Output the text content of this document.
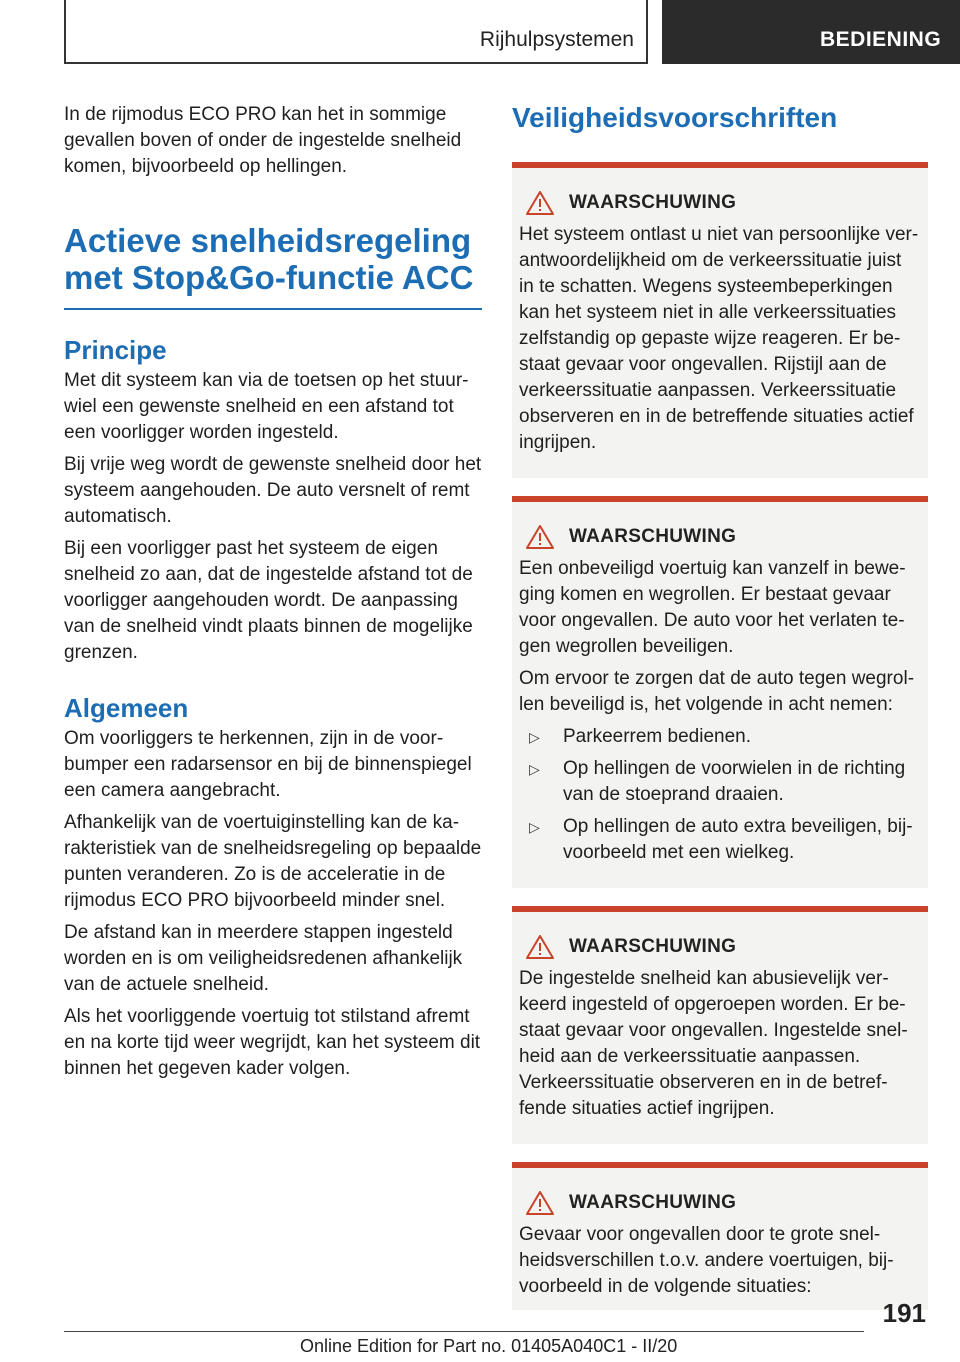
Rijhulpsystemen	BEDIENING

In de rijmodus ECO PRO kan het in sommige gevallen boven of onder de ingestelde snelheid komen, bijvoorbeeld op hellingen.

Actieve snelheidsregeling met Stop&Go-functie ACC
Principe

Met dit systeem kan via de toetsen op het stuurwiel een gewenste snelheid en een afstand tot een voorligger worden ingesteld.

Bij vrije weg wordt de gewenste snelheid door het systeem aangehouden. De auto versnelt of remt automatisch.

Bij een voorligger past het systeem de eigen snelheid zo aan, dat de ingestelde afstand tot de voorligger aangehouden wordt. De aanpassing van de snelheid vindt plaats binnen de mogelijke grenzen.

Algemeen

Om voorliggers te herkennen, zijn in de voorbumper een radarsensor en bij de binnenspiegel een camera aangebracht.

Afhankelijk van de voertuiginstelling kan de karakteristiek van de snelheidsregeling op bepaalde punten veranderen. Zo is de acceleratie in de rijmodus ECO PRO bijvoorbeeld minder snel.

De afstand kan in meerdere stappen ingesteld worden en is om veiligheidsredenen afhankelijk van de actuele snelheid.

Als het voorliggende voertuig tot stilstand afremt en na korte tijd weer wegrijdt, kan het systeem dit binnen het gegeven kader volgen.

Veiligheidsvoorschriften
WAARSCHUWING

Het systeem ontlast u niet van persoonlijke verantwoordelijkheid om de verkeerssituatie juist in te schatten. Wegens systeembeperkingen kan het systeem niet in alle verkeerssituaties zelfstandig op gepaste wijze reageren. Er bestaat gevaar voor ongevallen. Rijstijl aan de verkeerssituatie aanpassen. Verkeerssituatie observeren en in de betreffende situaties actief ingrijpen.

WAARSCHUWING

Een onbeveiligd voertuig kan vanzelf in beweging komen en wegrollen. Er bestaat gevaar voor ongevallen. De auto voor het verlaten tegen wegrollen beveiligen.

Om ervoor te zorgen dat de auto tegen wegrollen beveiligd is, het volgende in acht nemen:

▷	Parkeerrem bedienen.
▷	Op hellingen de voorwielen in de richting van de stoeprand draaien.
▷	Op hellingen de auto extra beveiligen, bijvoorbeeld met een wielkeg.
WAARSCHUWING

De ingestelde snelheid kan abusievelijk verkeerd ingesteld of opgeroepen worden. Er bestaat gevaar voor ongevallen. Ingestelde snelheid aan de verkeerssituatie aanpassen. Verkeerssituatie observeren en in de betreffende situaties actief ingrijpen.

WAARSCHUWING

Gevaar voor ongevallen door te grote snelheidsverschillen t.o.v. andere voertuigen, bijvoorbeeld in de volgende situaties:

191
Online Edition for Part no. 01405A040C1 - II/20
